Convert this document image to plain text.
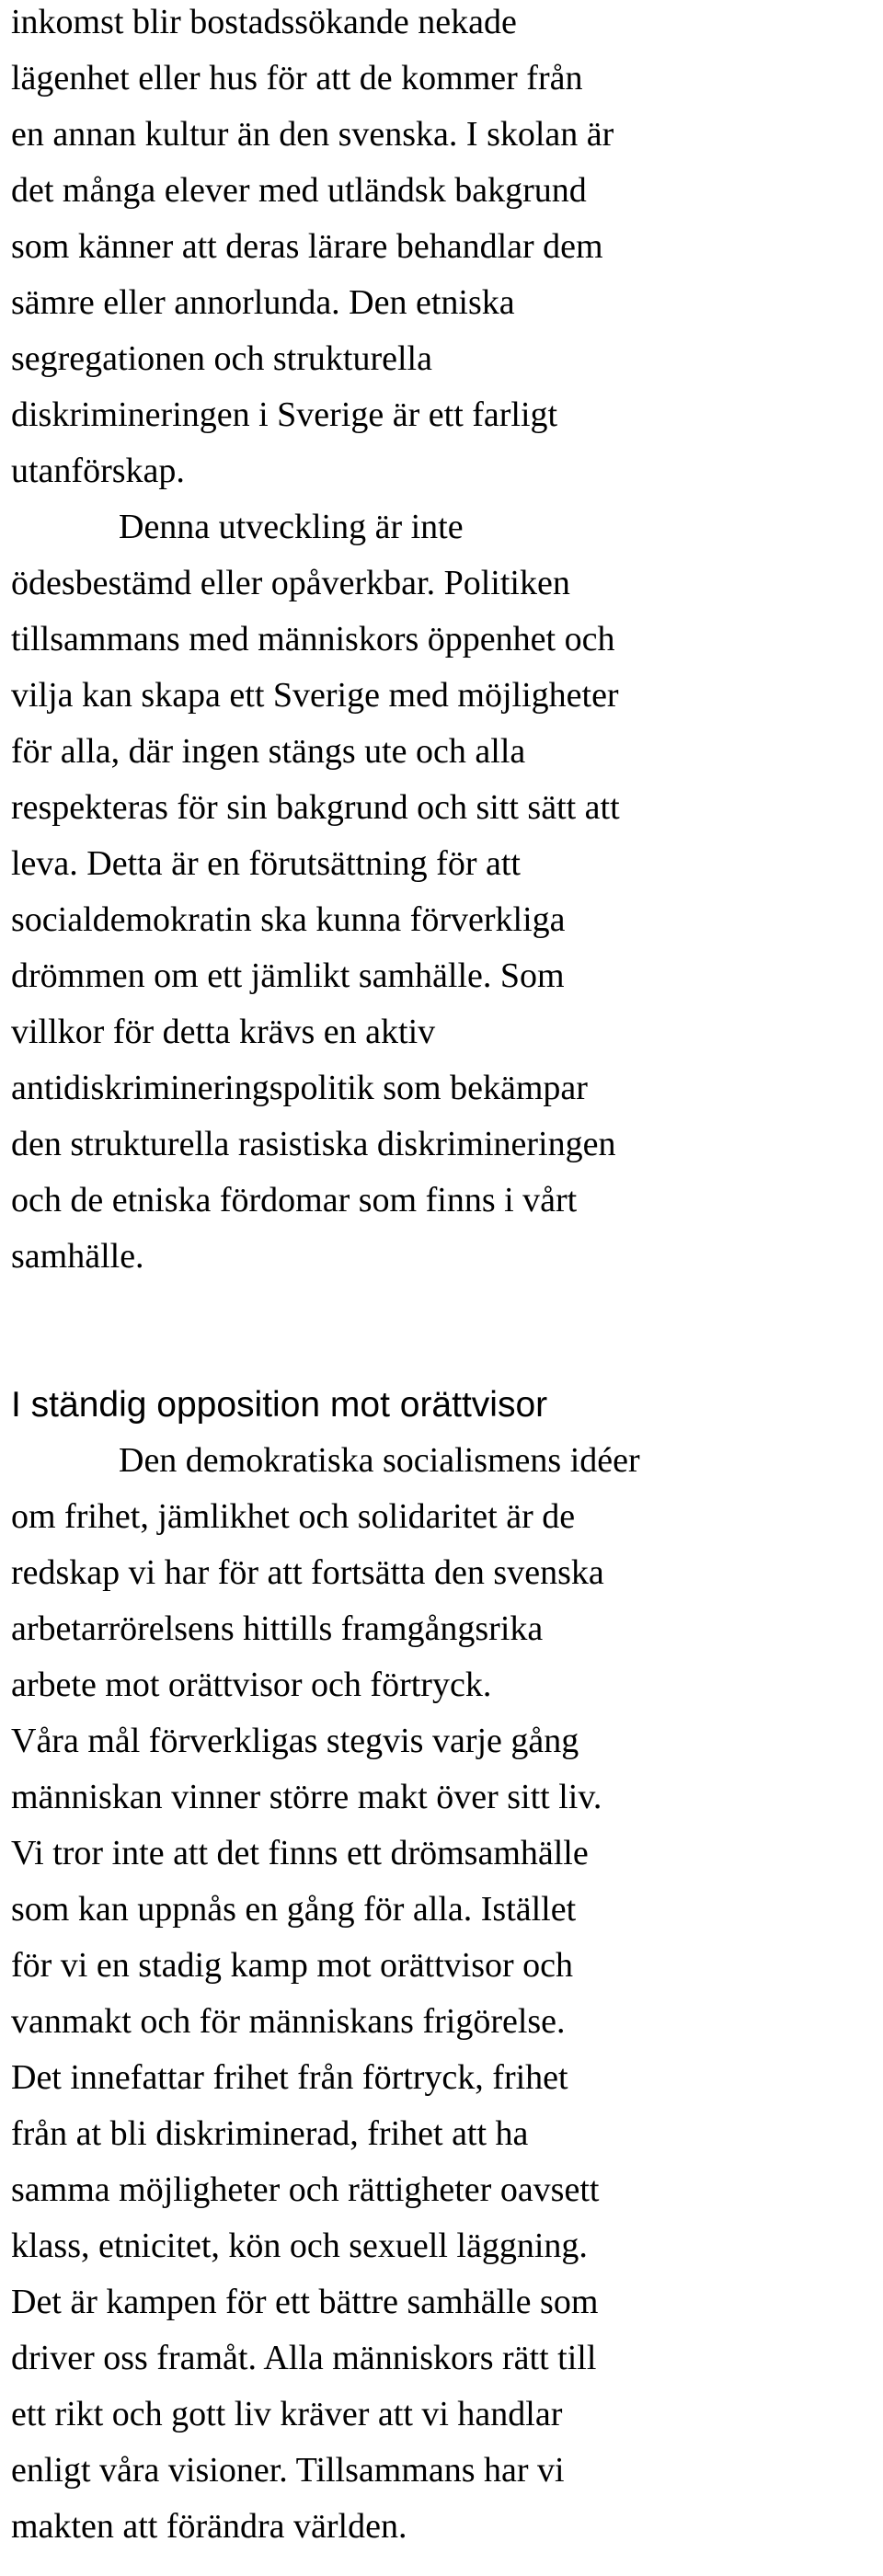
inkomst blir bostadssökande nekade
lägenhet eller hus för att de kommer från
en annan kultur än den svenska. I skolan är
det många elever med utländsk bakgrund
som känner att deras lärare behandlar dem
sämre eller annorlunda. Den etniska
segregationen och strukturella
diskrimineringen i Sverige är ett farligt
utanförskap.

Denna utveckling är inte
ödesbestämd eller opåverkbar. Politiken
tillsammans med människors öppenhet och
vilja kan skapa ett Sverige med möjligheter
för alla, där ingen stängs ute och alla
respekteras för sin bakgrund och sitt sätt att
leva. Detta är en förutsättning för att
socialdemokratin ska kunna förverkliga
drömmen om ett jämlikt samhälle. Som
villkor för detta krävs en aktiv
antidiskrimineringspolitik som bekämpar
den strukturella rasistiska diskrimineringen
och de etniska fördomar som finns i vårt
samhälle.

I ständig opposition mot orättvisor

Den demokratiska socialismens idéer
om frihet, jämlikhet och solidaritet är de
redskap vi har för att fortsätta den svenska
arbetarrörelsens hittills framgångsrika
arbete mot orättvisor och förtryck.
Våra mål förverkligas stegvis varje gång
människan vinner större makt över sitt liv.
Vi tror inte att det finns ett drömsamhälle
som kan uppnås en gång för alla. Istället
för vi en stadig kamp mot orättvisor och
vanmakt och för människans frigörelse.
Det innefattar frihet från förtryck, frihet
från at bli diskriminerad, frihet att ha
samma möjligheter och rättigheter oavsett
klass, etnicitet, kön och sexuell läggning.
Det är kampen för ett bättre samhälle som
driver oss framåt. Alla människors rätt till
ett rikt och gott liv kräver att vi handlar
enligt våra visioner. Tillsammans har vi
makten att förändra världen.
